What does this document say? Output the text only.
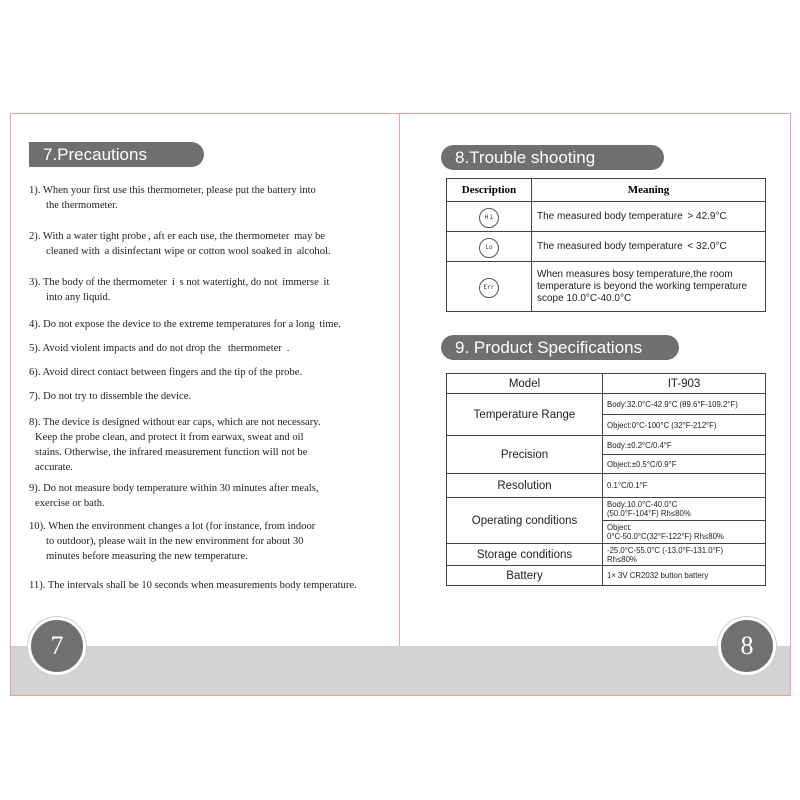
7.Precautions
1). When your first use this thermometer, please put the battery into
the thermometer.
2). With a water tight probe , aft er each use, the thermometer  may be
cleaned with  a disinfectant wipe or cotton wool soaked in  alcohol.
3). The body of the thermometer  i  s not watertight, do not  immerse  it
into any liquid.
4). Do not expose the device to the extreme temperatures for a long  time.
5). Avoid violent impacts and do not drop the   thermometer  .
6). Avoid direct contact between fingers and the tip of the probe.
7). Do not try to dissemble the device.
8). The device is designed without ear caps, which are not necessary.
Keep the probe clean, and protect it from earwax, sweat and oil
stains. Otherwise, the infrared measurement function will not be
accurate.
9). Do not measure body temperature within 30 minutes after meals,
exercise or bath.
10). When the environment changes a lot (for instance, from indoor
to outdoor), please wait in the new environment for about 30
minutes before measuring the new temperature.
11). The intervals shall be 10 seconds when measurements body temperature.
7
8.Trouble shooting
Description	Meaning
H i	The measured body temperature  > 42.9°C
Lo	The measured body temperature  < 32.0°C
Err	When measures bosy temperature,the room temperature is beyond the working temperature scope 10.0°C-40.0°C
9. Product Specifications
Model	IT-903
Temperature Range	Body:32.0°C-42.9°C (89.6°F-109.2°F)
	Object:0°C-100°C (32°F-212°F)
Precision	Body:±0.2°C/0.4°F
	Object:±0.5°C/0.9°F
Resolution	0.1°C/0.1°F
Operating conditions	Body:10.0°C-40.0°C
(50.0°F-104°F) Rh≤80%

	Object:
0°C-50.0°C(32°F-122°F) Rh≤80%

Storage conditions	-25.0°C-55.0°C (-13.0°F-131.0°F)
Rh≤80%

Battery	1× 3V CR2032 button battery
8
